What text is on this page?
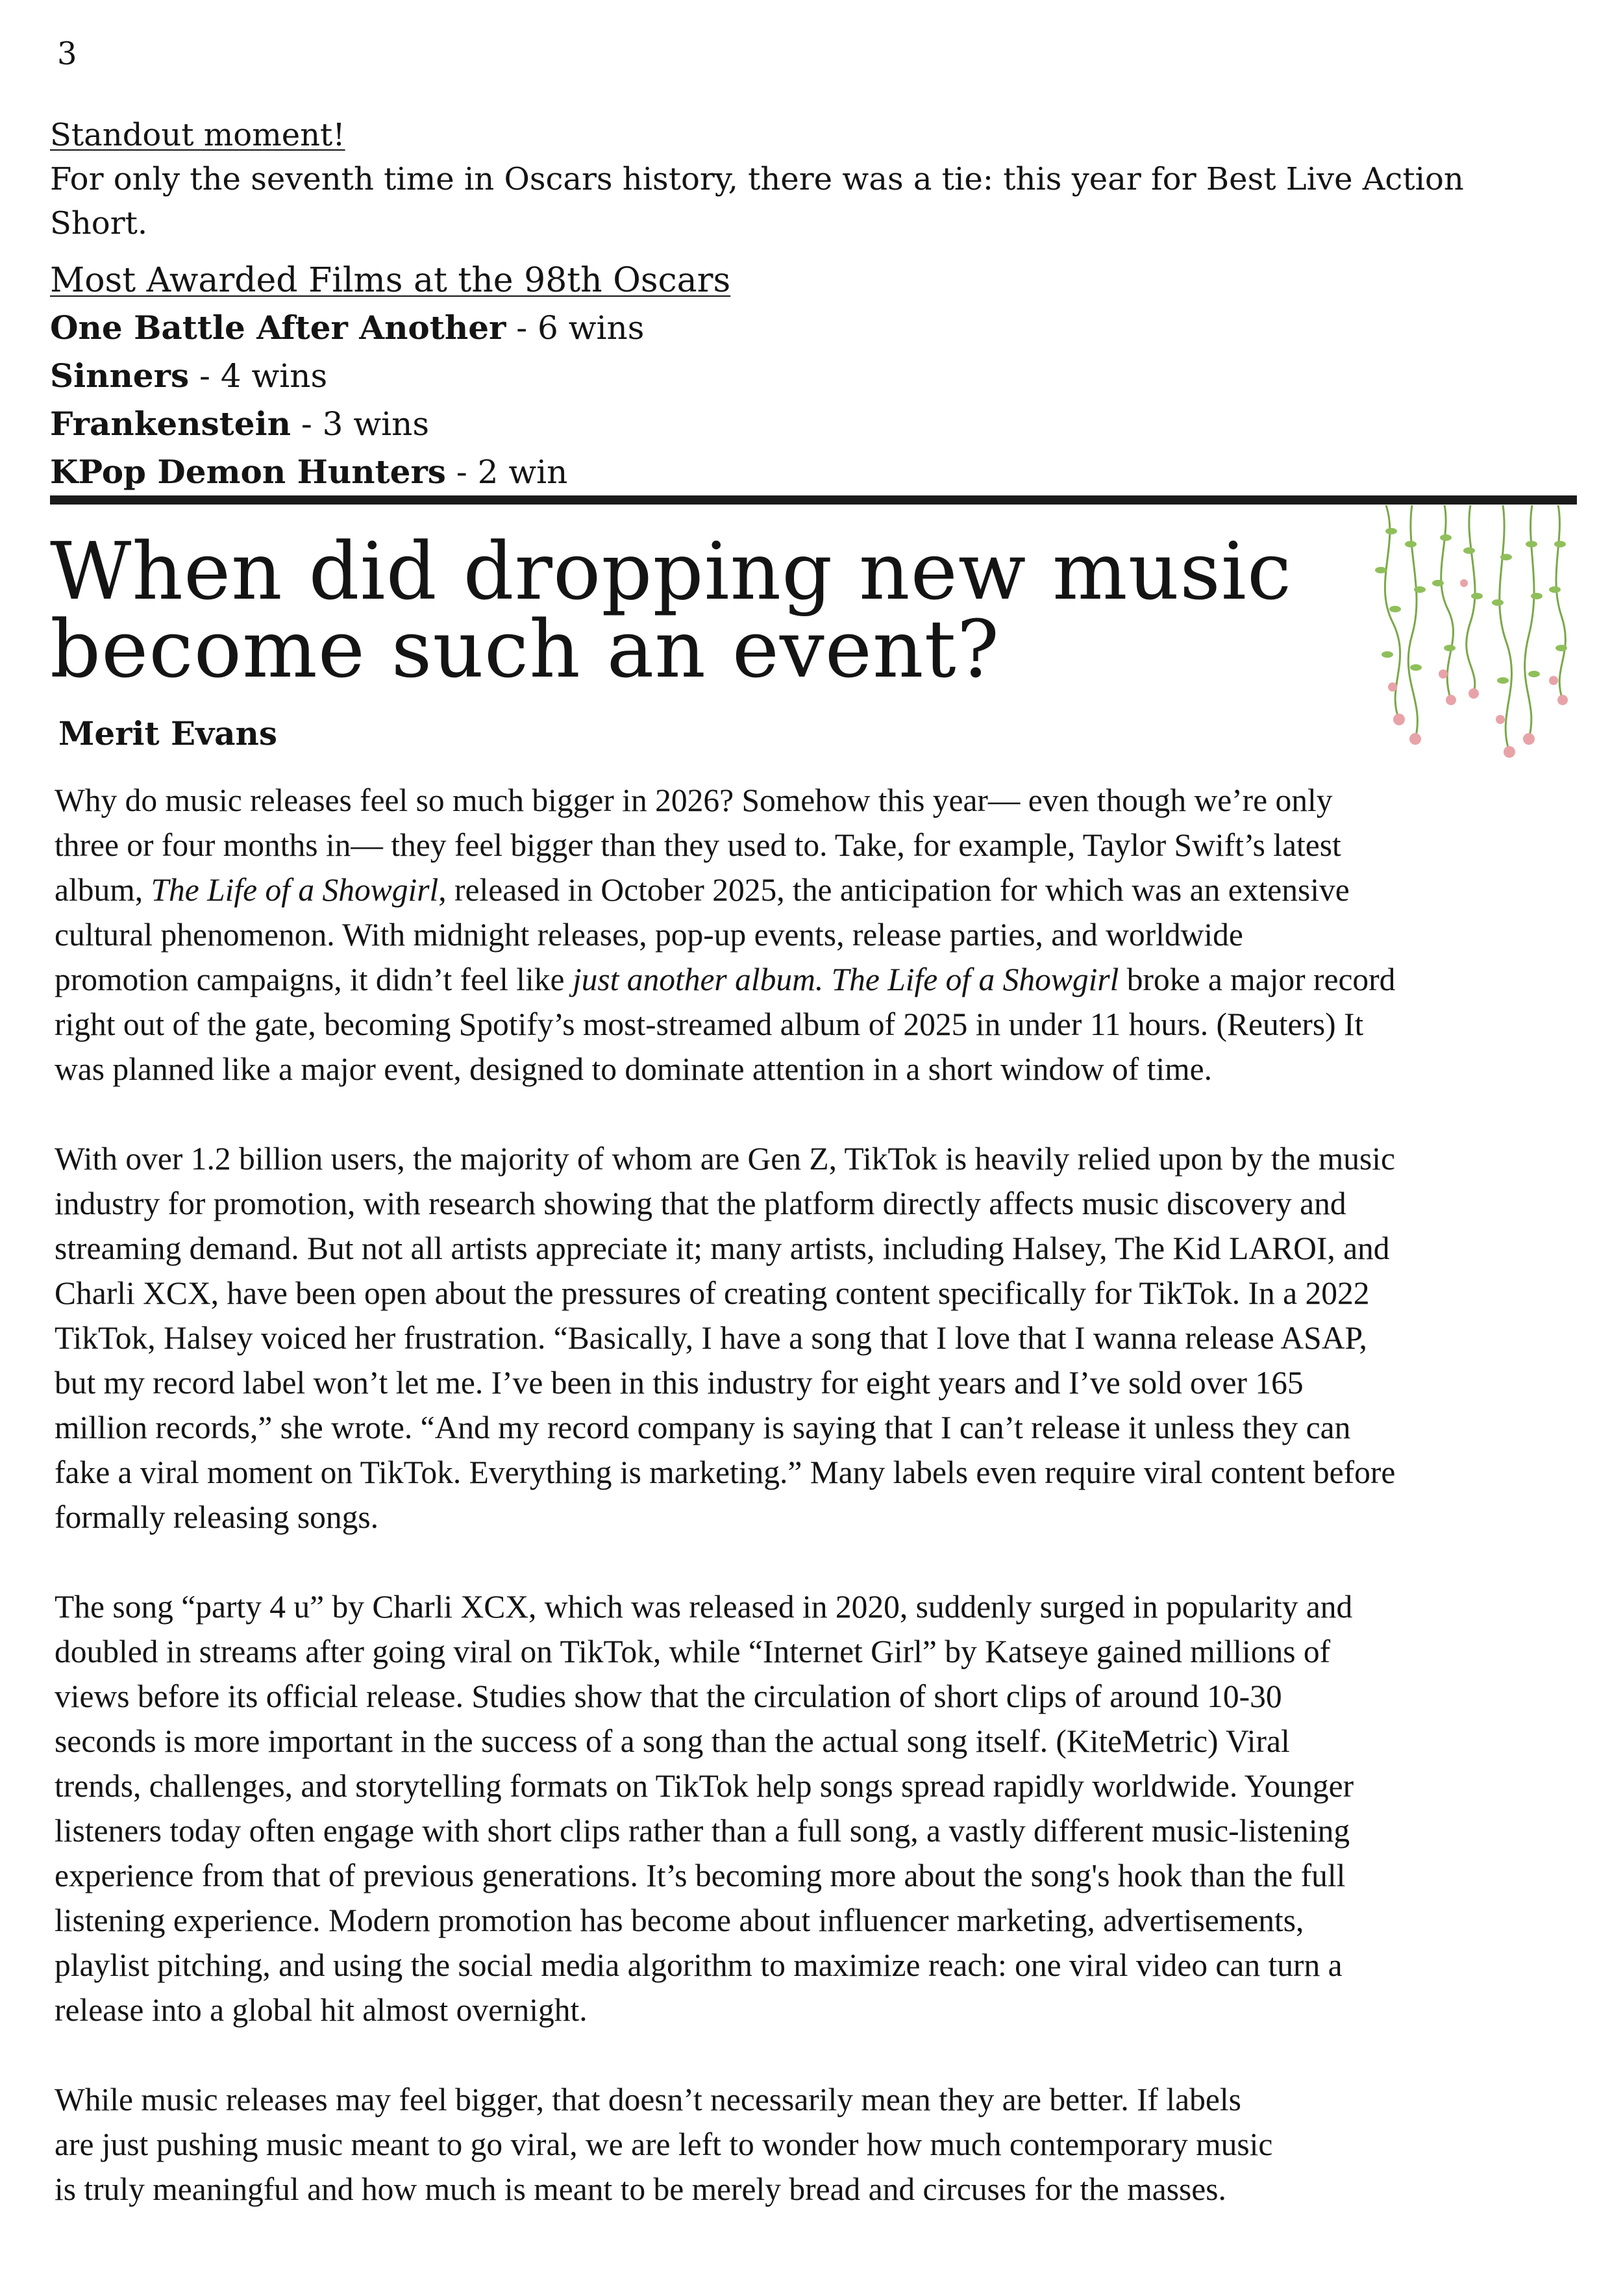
3
Standout moment!
For only the seventh time in Oscars history, there was a tie: this year for Best Live Action Short.
Most Awarded Films at the 98th Oscars
One Battle After Another - 6 wins
Sinners - 4 wins
Frankenstein - 3 wins
KPop Demon Hunters - 2 win
When did dropping new music
become such an event?
Merit Evans

Why do music releases feel so much bigger in 2026? Somehow this year— even though we’re only
three or four months in— they feel bigger than they used to. Take, for example, Taylor Swift’s latest
album, The Life of a Showgirl, released in October 2025, the anticipation for which was an extensive
cultural phenomenon. With midnight releases, pop-up events, release parties, and worldwide
promotion campaigns, it didn’t feel like just another album. The Life of a Showgirl broke a major record
right out of the gate, becoming Spotify’s most-streamed album of 2025 in under 11 hours. (Reuters) It
was planned like a major event, designed to dominate attention in a short window of time.

With over 1.2 billion users, the majority of whom are Gen Z, TikTok is heavily relied upon by the music
industry for promotion, with research showing that the platform directly affects music discovery and
streaming demand. But not all artists appreciate it; many artists, including Halsey, The Kid LAROI, and
Charli XCX, have been open about the pressures of creating content specifically for TikTok. In a 2022
TikTok, Halsey voiced her frustration. “Basically, I have a song that I love that I wanna release ASAP,
but my record label won’t let me. I’ve been in this industry for eight years and I’ve sold over 165
million records,” she wrote. “And my record company is saying that I can’t release it unless they can
fake a viral moment on TikTok. Everything is marketing.” Many labels even require viral content before
formally releasing songs.

The song “party 4 u” by Charli XCX, which was released in 2020, suddenly surged in popularity and
doubled in streams after going viral on TikTok, while “Internet Girl” by Katseye gained millions of
views before its official release. Studies show that the circulation of short clips of around 10-30
seconds is more important in the success of a song than the actual song itself. (KiteMetric) Viral
trends, challenges, and storytelling formats on TikTok help songs spread rapidly worldwide. Younger
listeners today often engage with short clips rather than a full song, a vastly different music-listening
experience from that of previous generations. It’s becoming more about the song's hook than the full
listening experience. Modern promotion has become about influencer marketing, advertisements,
playlist pitching, and using the social media algorithm to maximize reach: one viral video can turn a
release into a global hit almost overnight.

While music releases may feel bigger, that doesn’t necessarily mean they are better. If labels
are just pushing music meant to go viral, we are left to wonder how much contemporary music
is truly meaningful and how much is meant to be merely bread and circuses for the masses.
